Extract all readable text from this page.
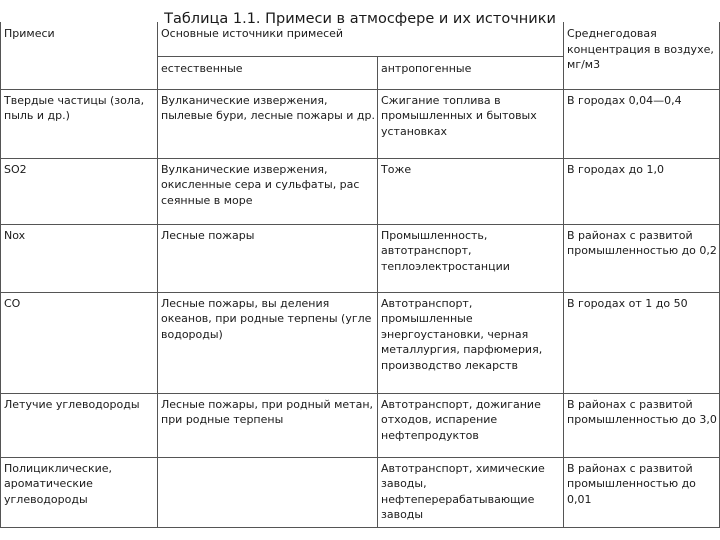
Таблица 1.1. Примеси в атмосфере и их источники
Примеси	Основные источники примесей		Среднегодовая концентрация в воздухе, мг/м3
	естественные	антропогенные	
Твердые частицы (зола, пыль и др.)	Вулканические извержения, пылевые бури, лесные пожары и др.	Сжигание топлива в промышленных и бытовых установках	В городах 0,04—0,4
SO2	Вулканические извержения, окисленные сера и сульфаты, рас сеянные в море	Тоже	В городах до 1,0
Nox	Лесные пожары	Промышленность, автотранспорт, теплоэлектростанции	В районах с развитой промышленностью до 0,2
CO	Лесные пожары, вы деления океанов, при родные терпены (угле водороды)	Автотранспорт, промышленные энергоустановки, черная металлургия, парфюмерия, производство лекарств	В городах от 1 до 50
Летучие углеводороды	Лесные пожары, при родный метан, при родные терпены	Автотранспорт, дожигание отходов, испарение нефтепродуктов	В районах с развитой промышленностью до 3,0
Полициклические, ароматические углеводороды		Автотранспорт, химические заводы, нефтеперерабатывающие заводы	В районах с развитой промышленностью до 0,01
